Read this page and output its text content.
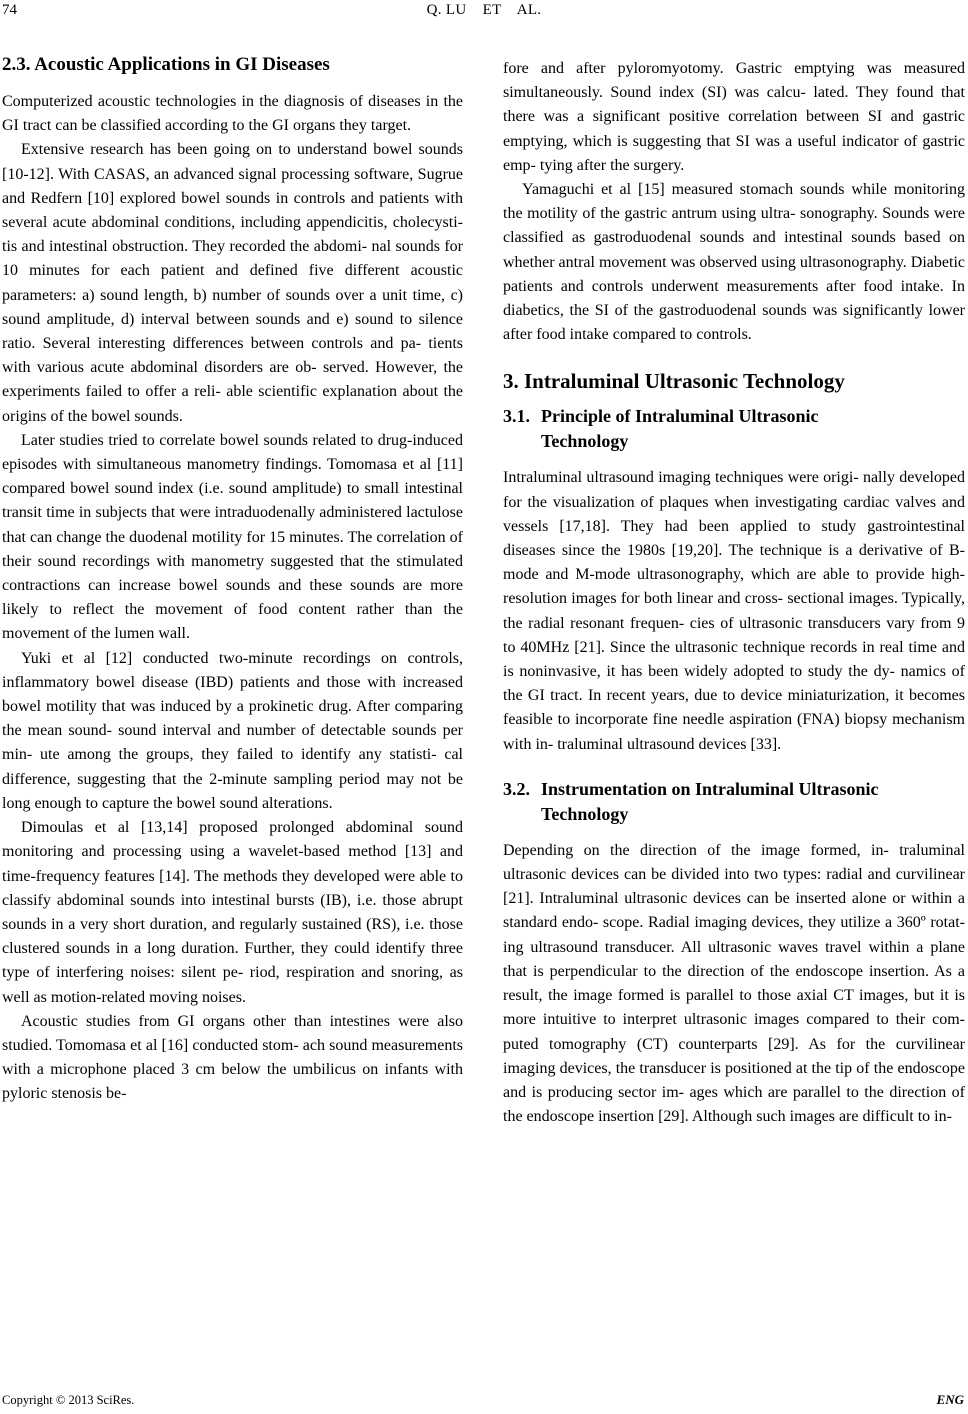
74	Q. LU    ET    AL.
2.3. Acoustic Applications in GI Diseases

Computerized acoustic technologies in the diagnosis of diseases in the GI tract can be classified according to the GI organs they target.

Extensive research has been going on to understand bowel sounds [10-12]. With CASAS, an advanced signal processing software, Sugrue and Redfern [10] explored bowel sounds in controls and patients with several acute abdominal conditions, including appendicitis, cholecysti- tis and intestinal obstruction. They recorded the abdomi- nal sounds for 10 minutes for each patient and defined five different acoustic parameters: a) sound length, b) number of sounds over a unit time, c) sound amplitude, d) interval between sounds and e) sound to silence ratio. Several interesting differences between controls and pa- tients with various acute abdominal disorders are ob- served. However, the experiments failed to offer a reli- able scientific explanation about the origins of the bowel sounds.

Later studies tried to correlate bowel sounds related to drug-induced episodes with simultaneous manometry findings. Tomomasa et al [11] compared bowel sound index (i.e. sound amplitude) to small intestinal transit time in subjects that were intraduodenally administered lactulose that can change the duodenal motility for 15 minutes. The correlation of their sound recordings with manometry suggested that the stimulated contractions can increase bowel sounds and these sounds are more likely to reflect the movement of food content rather than the movement of the lumen wall.

Yuki et al [12] conducted two-minute recordings on controls, inflammatory bowel disease (IBD) patients and those with increased bowel motility that was induced by a prokinetic drug. After comparing the mean sound- sound interval and number of detectable sounds per min- ute among the groups, they failed to identify any statisti- cal difference, suggesting that the 2-minute sampling period may not be long enough to capture the bowel sound alterations.

Dimoulas et al [13,14] proposed prolonged abdominal sound monitoring and processing using a wavelet-based method [13] and time-frequency features [14]. The methods they developed were able to classify abdominal sounds into intestinal bursts (IB), i.e. those abrupt sounds in a very short duration, and regularly sustained (RS), i.e. those clustered sounds in a long duration. Further, they could identify three type of interfering noises: silent pe- riod, respiration and snoring, as well as motion-related moving noises.

Acoustic studies from GI organs other than intestines were also studied. Tomomasa et al [16] conducted stom- ach sound measurements with a microphone placed 3 cm below the umbilicus on infants with pyloric stenosis be-

fore and after pyloromyotomy. Gastric emptying was measured simultaneously. Sound index (SI) was calcu- lated. They found that there was a significant positive correlation between SI and gastric emptying, which is suggesting that SI was a useful indicator of gastric emp- tying after the surgery.

Yamaguchi et al [15] measured stomach sounds while monitoring the motility of the gastric antrum using ultra- sonography. Sounds were classified as gastroduodenal sounds and intestinal sounds based on whether antral movement was observed using ultrasonography. Diabetic patients and controls underwent measurements after food intake. In diabetics, the SI of the gastroduodenal sounds was significantly lower after food intake compared to controls.

3. Intraluminal Ultrasonic Technology
3.1. Principle of Intraluminal Ultrasonic Technology

Intraluminal ultrasound imaging techniques were origi- nally developed for the visualization of plaques when investigating cardiac valves and vessels [17,18]. They had been applied to study gastrointestinal diseases since the 1980s [19,20]. The technique is a derivative of B-mode and M-mode ultrasonography, which are able to provide high-resolution images for both linear and cross- sectional images. Typically, the radial resonant frequen- cies of ultrasonic transducers vary from 9 to 40MHz [21]. Since the ultrasonic technique records in real time and is noninvasive, it has been widely adopted to study the dy- namics of the GI tract. In recent years, due to device miniaturization, it becomes feasible to incorporate fine needle aspiration (FNA) biopsy mechanism with in- traluminal ultrasound devices [33].

3.2. Instrumentation on Intraluminal Ultrasonic Technology

Depending on the direction of the image formed, in- traluminal ultrasonic devices can be divided into two types: radial and curvilinear [21]. Intraluminal ultrasonic devices can be inserted alone or within a standard endo- scope. Radial imaging devices, they utilize a 360º rotat- ing ultrasound transducer. All ultrasonic waves travel within a plane that is perpendicular to the direction of the endoscope insertion. As a result, the image formed is parallel to those axial CT images, but it is more intuitive to interpret ultrasonic images compared to their com- puted tomography (CT) counterparts [29]. As for the curvilinear imaging devices, the transducer is positioned at the tip of the endoscope and is producing sector im- ages which are parallel to the direction of the endoscope insertion [29]. Although such images are difficult to in-

Copyright © 2013 SciRes.	ENG
